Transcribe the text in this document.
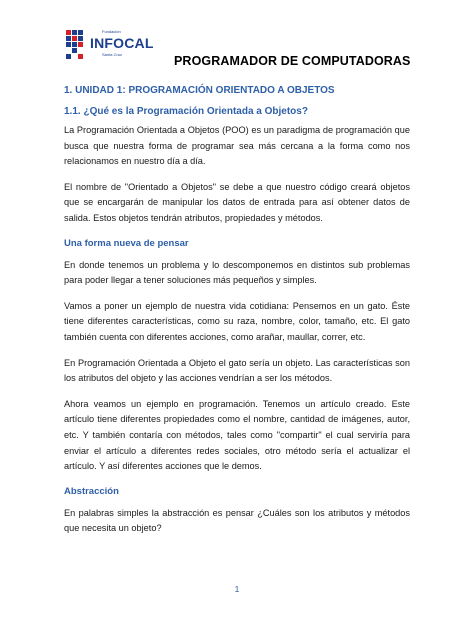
Fundación
INFOCAL
Santa Cruz	PROGRAMADOR DE COMPUTADORAS
1. UNIDAD 1: PROGRAMACIÓN ORIENTADO A OBJETOS
1.1. ¿Qué es la Programación Orientada a Objetos?

La Programación Orientada a Objetos (POO) es un paradigma de programación que busca que nuestra forma de programar sea más cercana a la forma como nos relacionamos en nuestro día a día.

El nombre de "Orientado a Objetos" se debe a que nuestro código creará objetos que se encargarán de manipular los datos de entrada para así obtener datos de salida. Estos objetos tendrán atributos, propiedades y métodos.

Una forma nueva de pensar

En donde tenemos un problema y lo descomponemos en distintos sub problemas para poder llegar a tener soluciones más pequeños y simples.

Vamos a poner un ejemplo de nuestra vida cotidiana: Pensemos en un gato. Éste tiene diferentes características, como su raza, nombre, color, tamaño, etc. El gato también cuenta con diferentes acciones, como arañar, maullar, correr, etc.

En Programación Orientada a Objeto el gato sería un objeto. Las características son los atributos del objeto y las acciones vendrían a ser los métodos.

Ahora veamos un ejemplo en programación. Tenemos un artículo creado. Este artículo tiene diferentes propiedades como el nombre, cantidad de imágenes, autor, etc. Y también contaría con métodos, tales como "compartir" el cual serviría para enviar el artículo a diferentes redes sociales, otro método sería el actualizar el artículo. Y así diferentes acciones que le demos.

Abstracción

En palabras simples la abstracción es pensar ¿Cuáles son los atributos y métodos que necesita un objeto?

1
